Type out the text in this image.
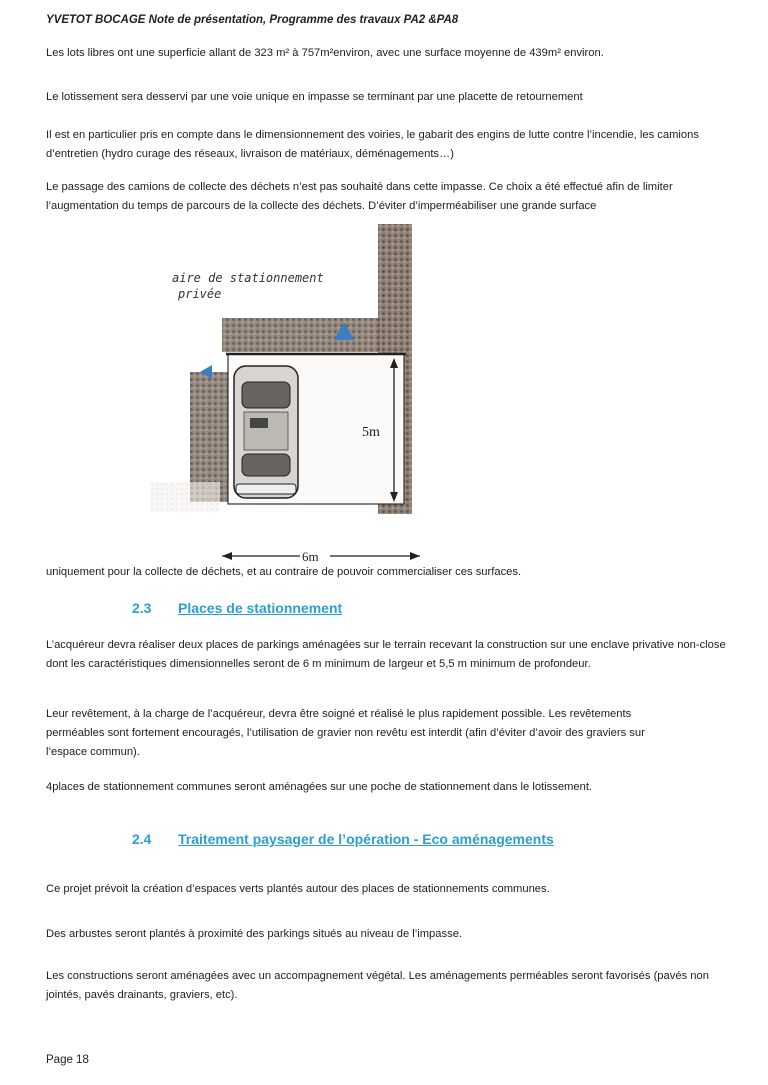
YVETOT BOCAGE Note de présentation, Programme des travaux PA2 &PA8
Les lots libres ont une superficie allant de 323 m² à 757m²environ, avec une surface moyenne de 439m² environ.
Le lotissement sera desservi par une voie unique en impasse se terminant par une placette de retournement
Il est en particulier pris en compte dans le dimensionnement des voiries, le gabarit des engins de lutte contre l’incendie, les camions d’entretien (hydro curage des réseaux, livraison de matériaux, déménagements…)
Le passage des camions de collecte des déchets n’est pas souhaité dans cette impasse. Ce choix a été effectué afin de limiter l’augmentation du temps de parcours de la collecte des déchets. D’éviter d’imperméabiliser une grande surface
5m
aire de stationnement
privée
6m
uniquement pour la collecte de déchets, et au contraire de pouvoir commercialiser ces surfaces.
2.3 Places de stationnement
L’acquéreur devra réaliser deux places de parkings aménagées sur le terrain recevant la construction sur une enclave privative non-close dont les caractéristiques dimensionnelles seront de 6 m minimum de largeur et 5,5 m minimum de profondeur.
Leur revêtement, à la charge de l’acquéreur, devra être soigné et réalisé le plus rapidement possible. Les revêtements perméables sont fortement encouragés, l’utilisation de gravier non revêtu est interdit (afin d’éviter d’avoir des graviers sur l’espace commun).
4places de stationnement communes seront aménagées sur une poche de stationnement dans le lotissement.
2.4 Traitement paysager de l’opération - Eco aménagements
Ce projet prévoit la création d’espaces verts plantés autour des places de stationnements communes.
Des arbustes seront plantés à proximité des parkings situés au niveau de l’impasse.
Les constructions seront aménagées avec un accompagnement végétal. Les aménagements perméables seront favorisés (pavés non jointés, pavés drainants, graviers, etc).
Page 18
